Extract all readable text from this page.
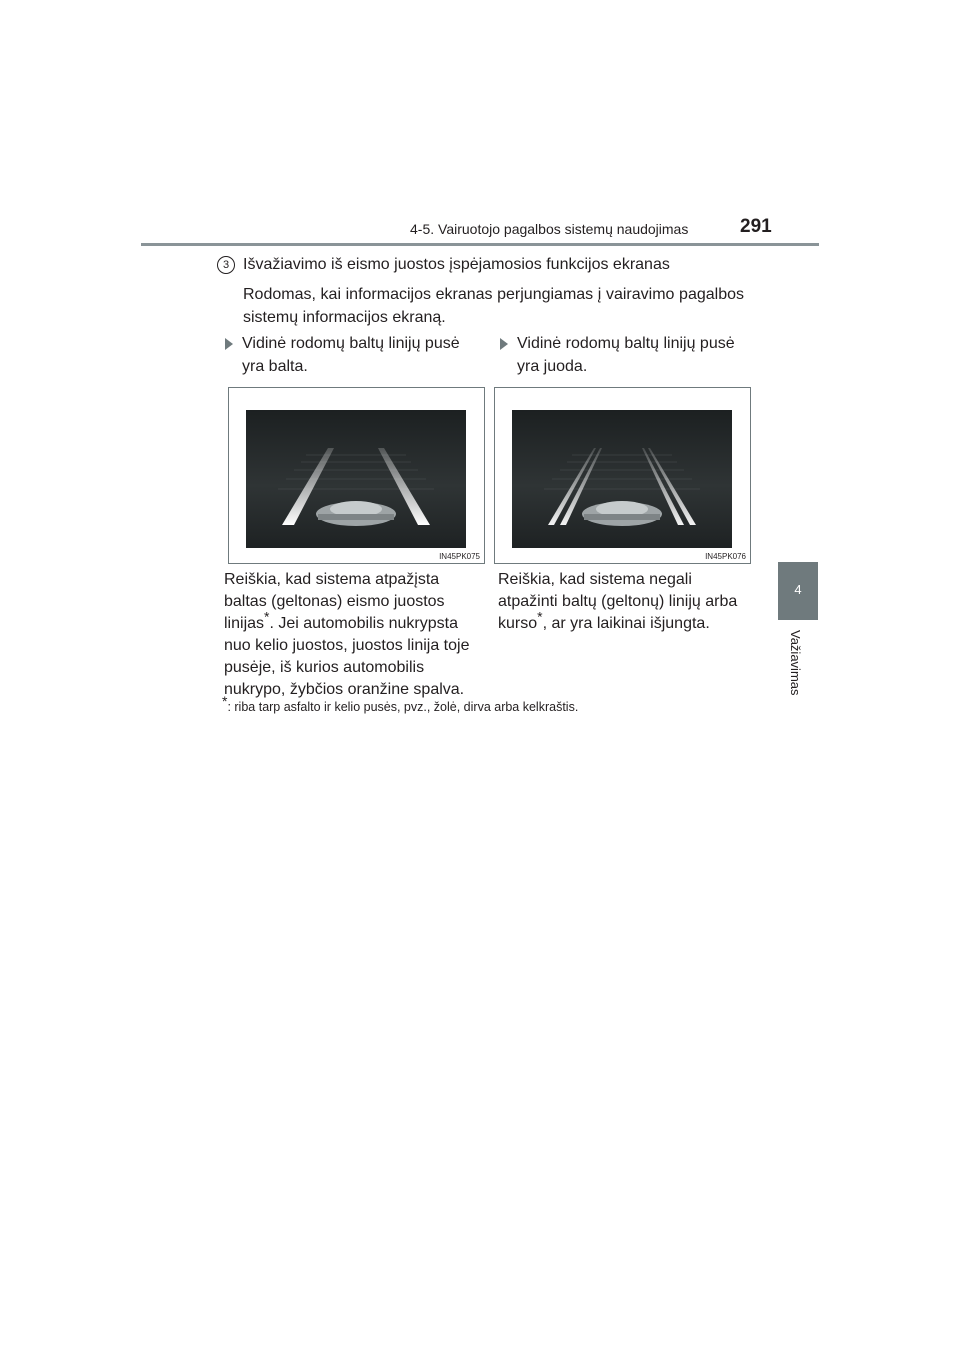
4-5. Vairuotojo pagalbos sistemų naudojimas	291
4
Važiavimas
3 Išvažiavimo iš eismo juostos įspėjamosios funkcijos ekranas
Rodomas, kai informacijos ekranas perjungiamas į vairavimo pagalbos sistemų informacijos ekraną.
Vidinė rodomų baltų linijų pusė yra balta.
IN45PK075
Reiškia, kad sistema atpažįsta baltas (geltonas) eismo juostos linijas*. Jei automobilis nukrypsta nuo kelio juostos, juostos linija toje pusėje, iš kurios automobilis nukrypo, žybčios oranžine spalva.
Vidinė rodomų baltų linijų pusė yra juoda.
IN45PK076
Reiškia, kad sistema negali atpažinti baltų (geltonų) linijų arba kurso*, ar yra laikinai išjungta.
*: riba tarp asfalto ir kelio pusės, pvz., žolė, dirva arba kelkraštis.
